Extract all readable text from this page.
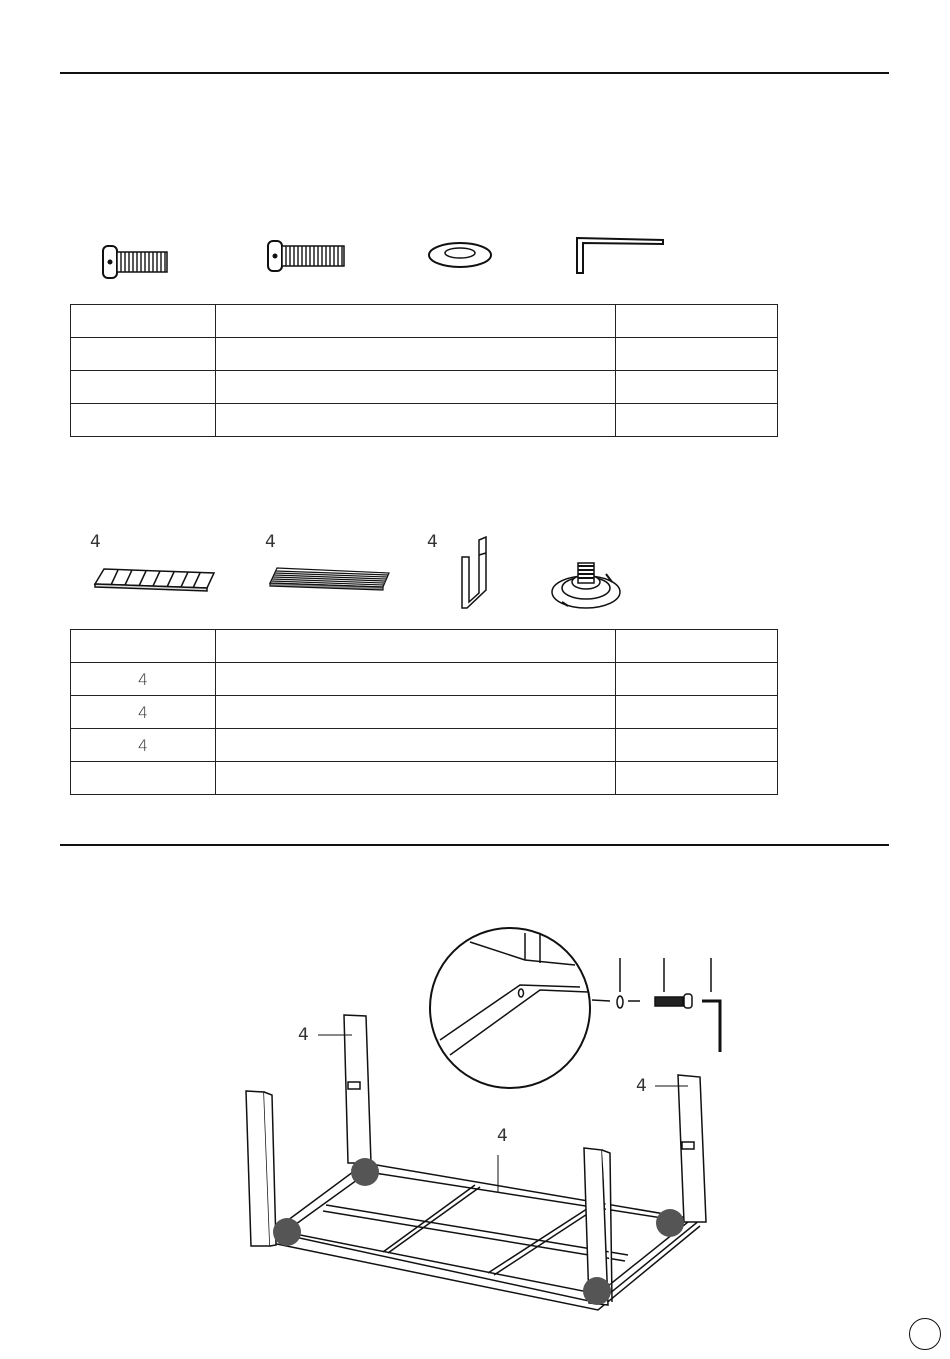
4	4	4

4		
4		
4		

4
4
4
